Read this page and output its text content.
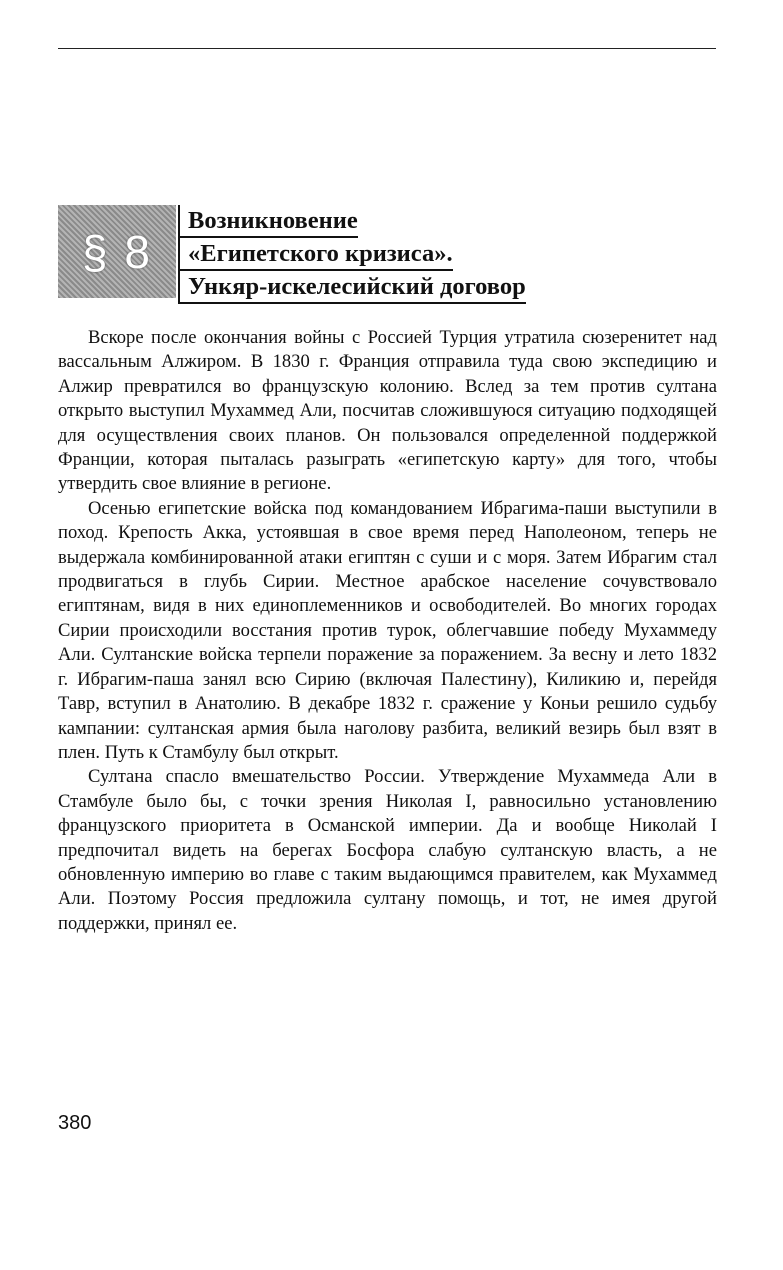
§ 8
Возникновение
«Египетского кризиса».
Ункяр-искелесийский договор

Вскоре после окончания войны с Россией Турция утратила сюзеренитет над вассальным Алжиром. В 1830 г. Франция отправила туда свою экспедицию и Алжир превратился во французскую колонию. Вслед за тем против султана открыто выступил Мухаммед Али, посчитав сложившуюся ситуацию подходящей для осуществления своих планов. Он пользовался определенной поддержкой Франции, которая пыталась разыграть «египетскую карту» для того, чтобы утвердить свое влияние в регионе.

Осенью египетские войска под командованием Ибрагима-паши выступили в поход. Крепость Акка, устоявшая в свое время перед Наполеоном, теперь не выдержала комбинированной атаки египтян с суши и с моря. Затем Ибрагим стал продвигаться в глубь Сирии. Местное арабское население сочувствовало египтянам, видя в них единоплеменников и освободителей. Во многих городах Сирии происходили восстания против турок, облегчавшие победу Мухаммеду Али. Султанские войска терпели поражение за поражением. За весну и лето 1832 г. Ибрагим-паша занял всю Сирию (включая Палестину), Киликию и, перейдя Тавр, вступил в Анатолию. В декабре 1832 г. сражение у Коньи решило судьбу кампании: султанская армия была наголову разбита, великий везирь был взят в плен. Путь к Стамбулу был открыт.

Султана спасло вмешательство России. Утверждение Мухаммеда Али в Стамбуле было бы, с точки зрения Николая I, равносильно установлению французского приоритета в Османской империи. Да и вообще Николай I предпочитал видеть на берегах Босфора слабую султанскую власть, а не обновленную империю во главе с таким выдающимся правителем, как Мухаммед Али. Поэтому Россия предложила султану помощь, и тот, не имея другой поддержки, принял ее.

380
